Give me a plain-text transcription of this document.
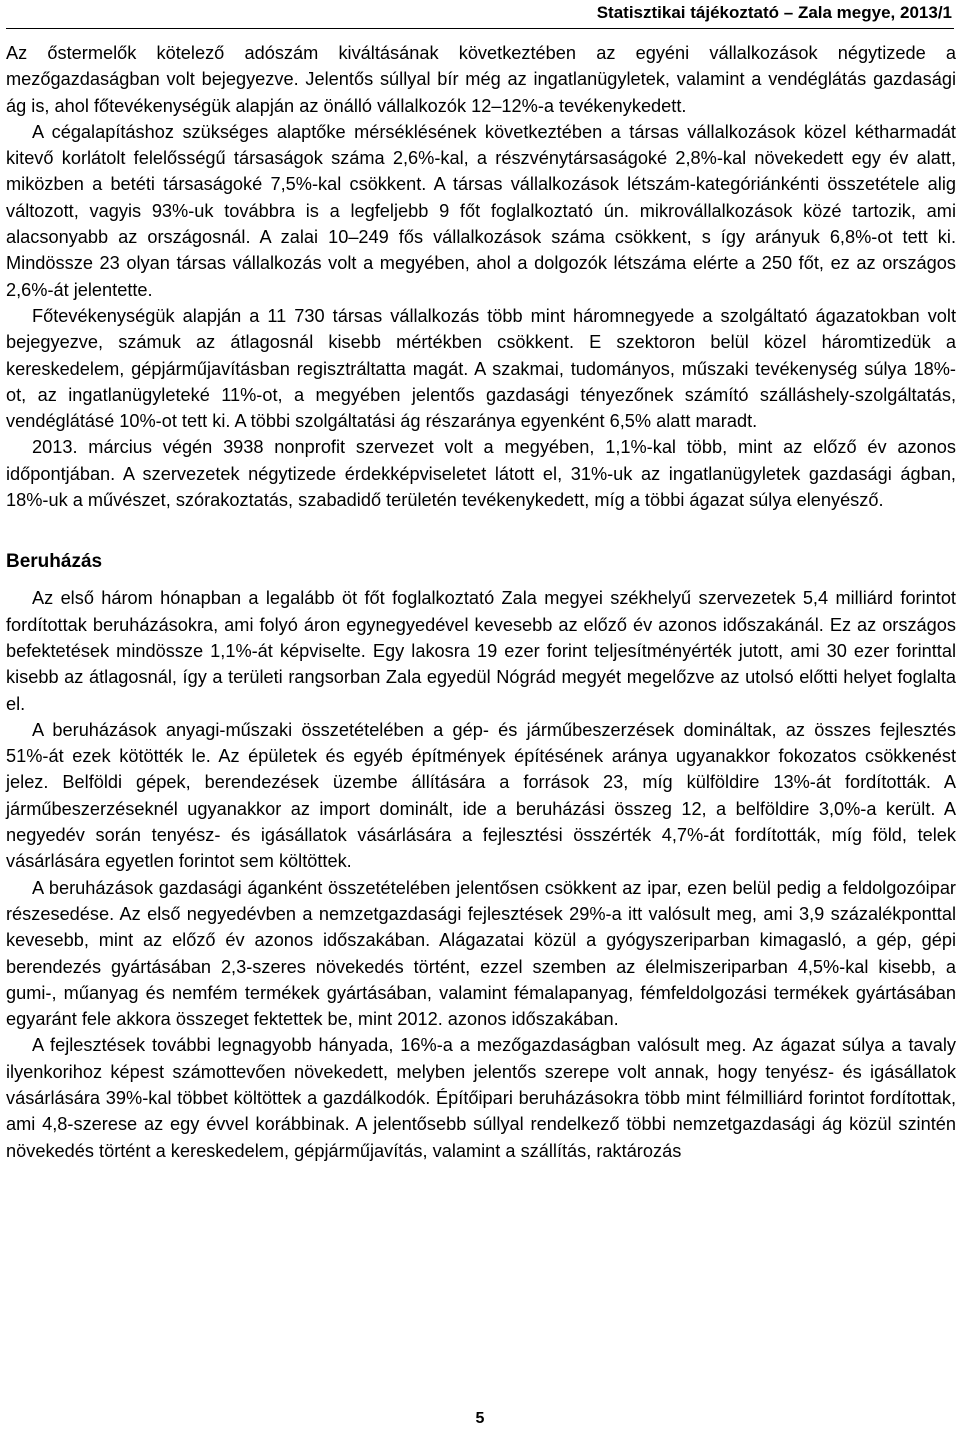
Statisztikai tájékoztató – Zala megye, 2013/1

Az őstermelők kötelező adószám kiváltásának következtében az egyéni vállalkozások négytizede a mezőgazdaságban volt bejegyezve. Jelentős súllyal bír még az ingatlanügyletek, valamint a vendéglátás gazdasági ág is, ahol főtevékenységük alapján az önálló vállalkozók 12–12%-a tevékenykedett.

A cégalapításhoz szükséges alaptőke mérséklésének következtében a társas vállalkozások közel kétharmadát kitevő korlátolt felelősségű társaságok száma 2,6%-kal, a részvénytársaságoké 2,8%-kal növekedett egy év alatt, miközben a betéti társaságoké 7,5%-kal csökkent. A társas vállalkozások létszám-kategóriánkénti összetétele alig változott, vagyis 93%-uk továbbra is a legfeljebb 9 főt foglalkoztató ún. mikrovállalkozások közé tartozik, ami alacsonyabb az országosnál. A zalai 10–249 fős vállalkozások száma csökkent, s így arányuk 6,8%-ot tett ki. Mindössze 23 olyan társas vállalkozás volt a megyében, ahol a dolgozók létszáma elérte a 250 főt, ez az országos 2,6%-át jelentette.

Főtevékenységük alapján a 11 730 társas vállalkozás több mint háromnegyede a szolgáltató ágazatokban volt bejegyezve, számuk az átlagosnál kisebb mértékben csökkent. E szektoron belül közel háromtizedük a kereskedelem, gépjárműjavításban regisztráltatta magát. A szakmai, tudományos, műszaki tevékenység súlya 18%-ot, az ingatlanügyleteké 11%-ot, a megyében jelentős gazdasági tényezőnek számító szálláshely-szolgáltatás, vendéglátásé 10%-ot tett ki. A többi szolgáltatási ág részaránya egyenként 6,5% alatt maradt.

2013. március végén 3938 nonprofit szervezet volt a megyében, 1,1%-kal több, mint az előző év azonos időpontjában. A szervezetek négytizede érdekképviseletet látott el, 31%-uk az ingatlanügyletek gazdasági ágban, 18%-uk a művészet, szórakoztatás, szabadidő területén tevékenykedett, míg a többi ágazat súlya elenyésző.

Beruházás

Az első három hónapban a legalább öt főt foglalkoztató Zala megyei székhelyű szervezetek 5,4 milliárd forintot fordítottak beruházásokra, ami folyó áron egynegyedével kevesebb az előző év azonos időszakánál. Ez az országos befektetések mindössze 1,1%-át képviselte. Egy lakosra 19 ezer forint teljesítményérték jutott, ami 30 ezer forinttal kisebb az átlagosnál, így a területi rangsorban Zala egyedül Nógrád megyét megelőzve az utolsó előtti helyet foglalta el.

A beruházások anyagi-műszaki összetételében a gép- és járműbeszerzések domináltak, az összes fejlesztés 51%-át ezek kötötték le. Az épületek és egyéb építmények építésének aránya ugyanakkor fokozatos csökkenést jelez. Belföldi gépek, berendezések üzembe állítására a források 23, míg külföldire 13%-át fordították. A járműbeszerzéseknél ugyanakkor az import dominált, ide a beruházási összeg 12, a belföldire 3,0%-a került. A negyedév során tenyész- és igásállatok vásárlására a fejlesztési összérték 4,7%-át fordították, míg föld, telek vásárlására egyetlen forintot sem költöttek.

A beruházások gazdasági áganként összetételében jelentősen csökkent az ipar, ezen belül pedig a feldolgozóipar részesedése. Az első negyedévben a nemzetgazdasági fejlesztések 29%-a itt valósult meg, ami 3,9 százalékponttal kevesebb, mint az előző év azonos időszakában. Alágazatai közül a gyógyszeriparban kimagasló, a gép, gépi berendezés gyártásában 2,3-szeres növekedés történt, ezzel szemben az élelmiszeriparban 4,5%-kal kisebb, a gumi-, műanyag és nemfém termékek gyártásában, valamint fémalapanyag, fémfeldolgozási termékek gyártásában egyaránt fele akkora összeget fektettek be, mint 2012. azonos időszakában.

A fejlesztések további legnagyobb hányada, 16%-a a mezőgazdaságban valósult meg. Az ágazat súlya a tavaly ilyenkorihoz képest számottevően növekedett, melyben jelentős szerepe volt annak, hogy tenyész- és igásállatok vásárlására 39%-kal többet költöttek a gazdálkodók. Építőipari beruházásokra több mint félmilliárd forintot fordítottak, ami 4,8-szerese az egy évvel korábbinak. A jelentősebb súllyal rendelkező többi nemzetgazdasági ág közül szintén növekedés történt a kereskedelem, gépjárműjavítás, valamint a szállítás, raktározás

5
